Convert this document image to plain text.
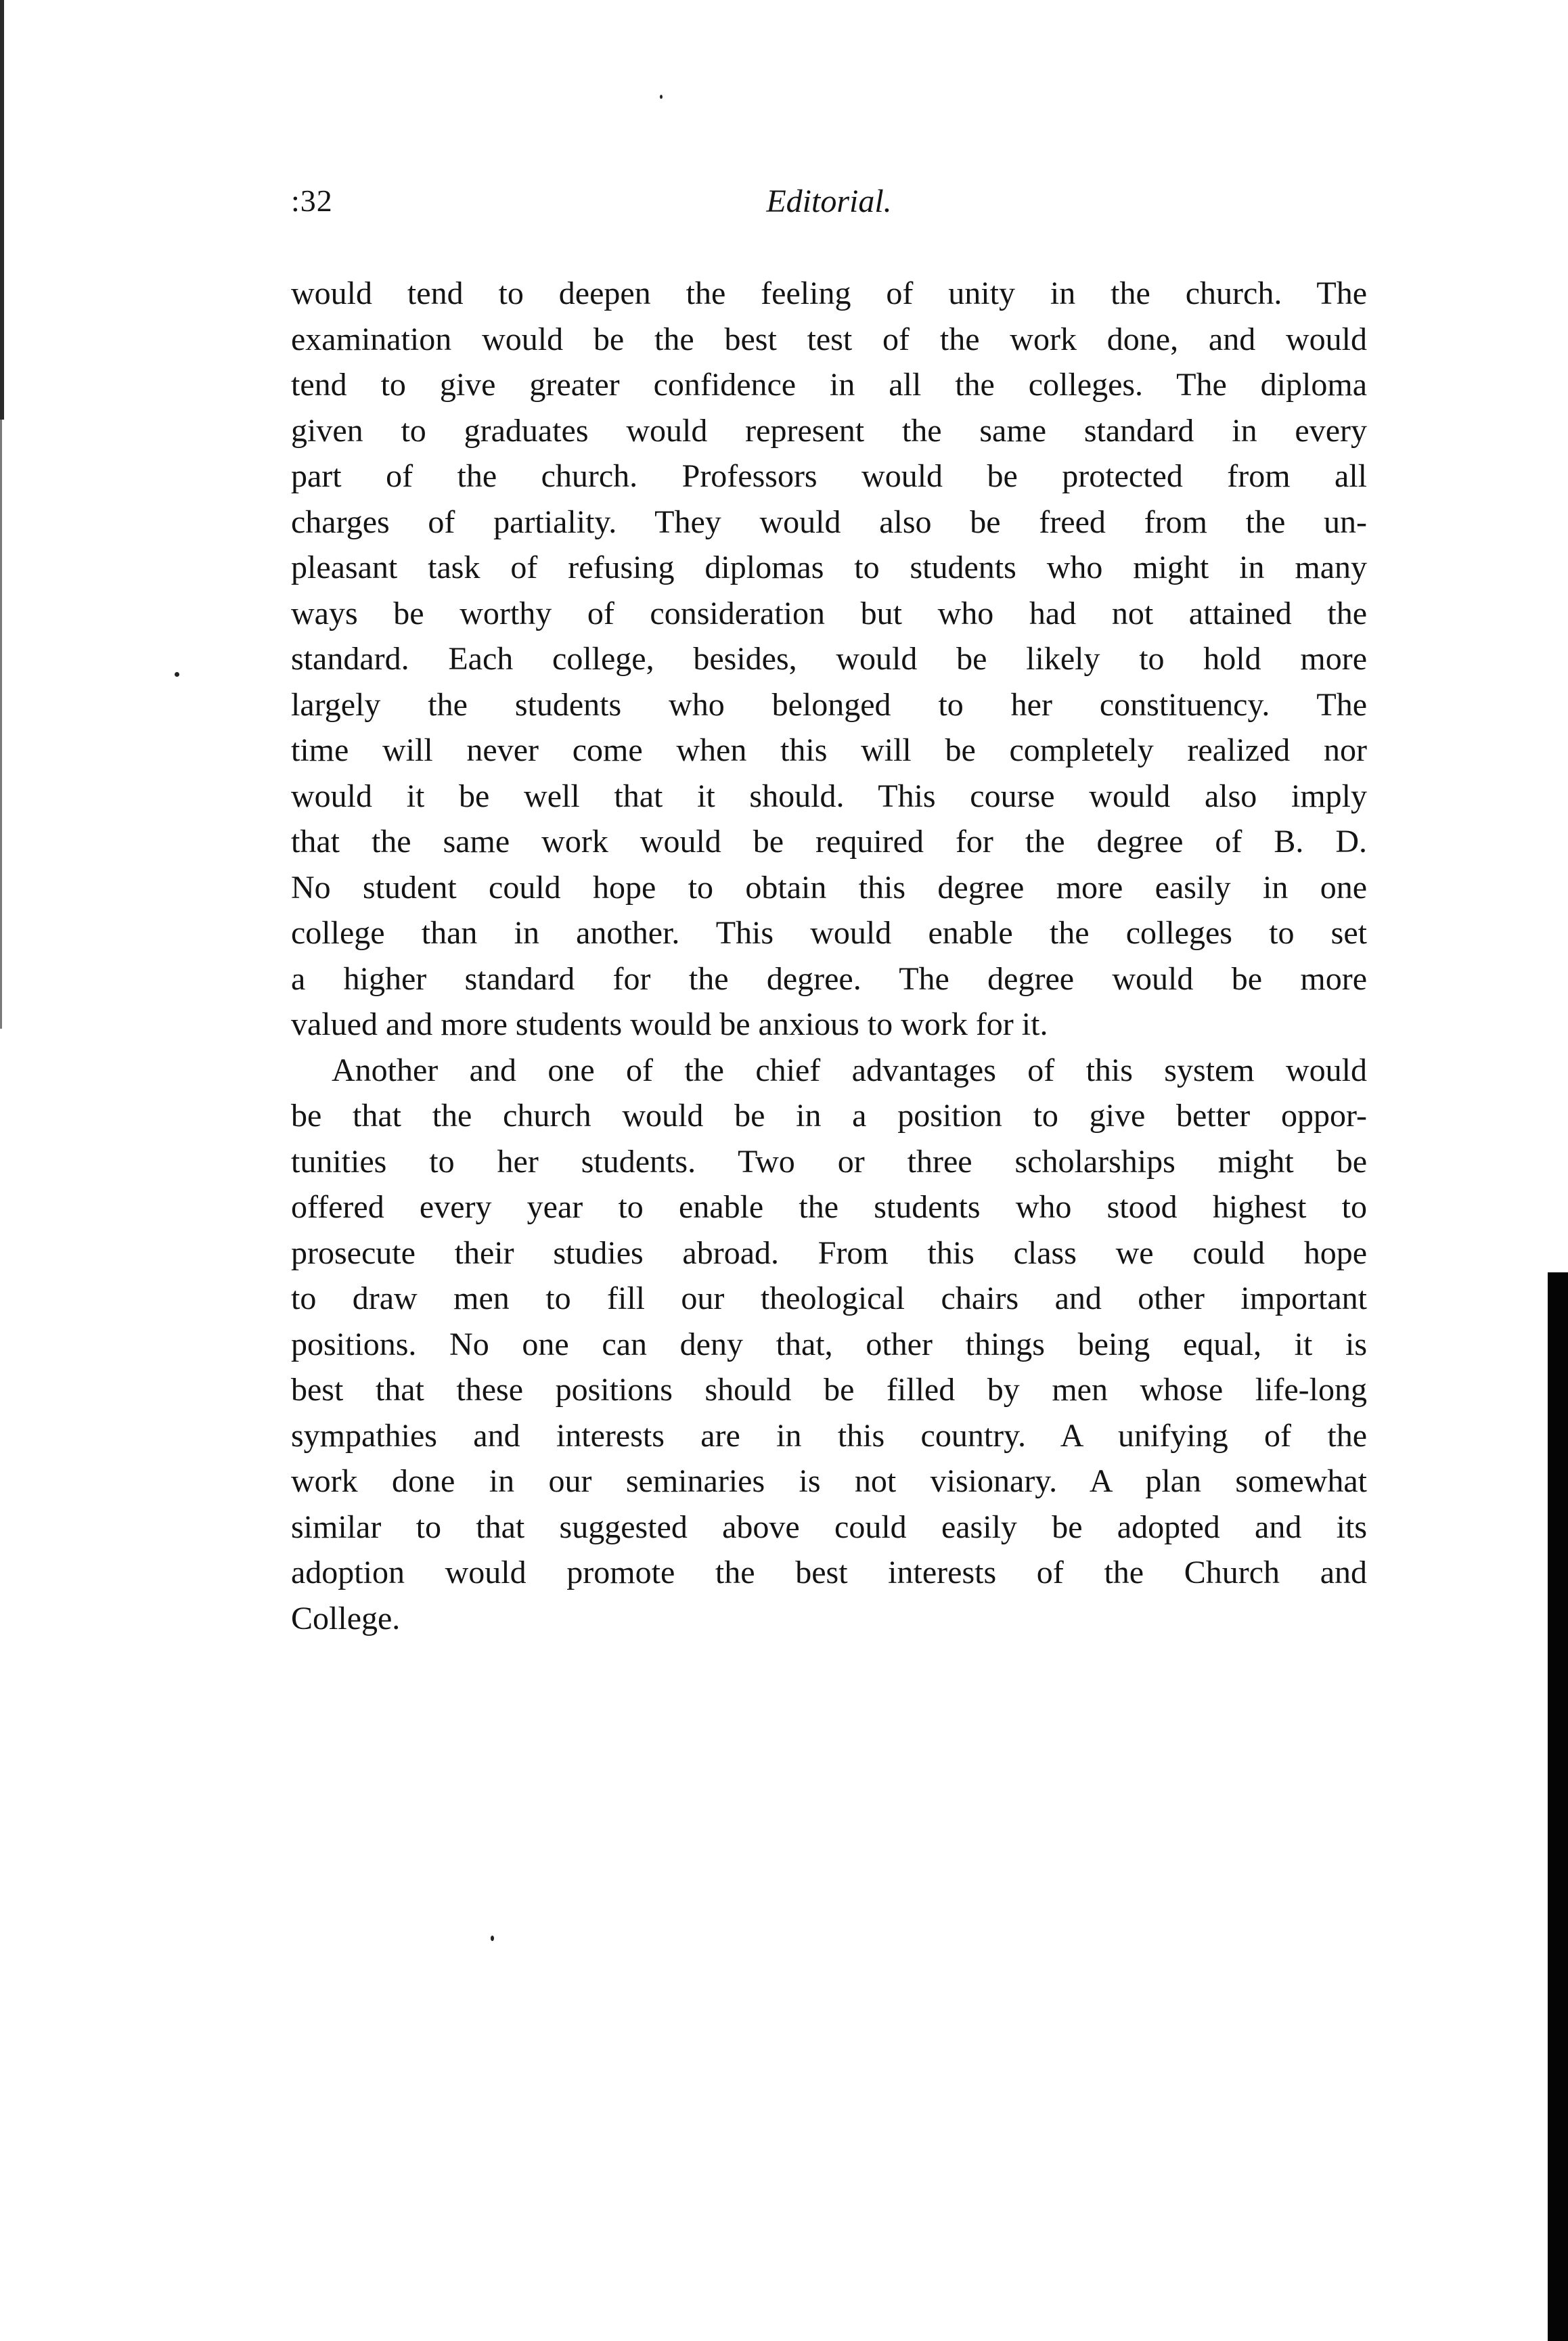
:32	Editorial.

would tend to deepen the feeling of unity in the church. The
examination would be the best test of the work done, and would
tend to give greater confidence in all the colleges. The diploma
given to graduates would represent the same standard in every
part of the church. Professors would be protected from all
charges of partiality. They would also be freed from the un-
pleasant task of refusing diplomas to students who might in many
ways be worthy of consideration but who had not attained the
standard. Each college, besides, would be likely to hold more
largely the students who belonged to her constituency. The
time will never come when this will be completely realized nor
would it be well that it should. This course would also imply
that the same work would be required for the degree of B. D.
No student could hope to obtain this degree more easily in one
college than in another. This would enable the colleges to set
a higher standard for the degree. The degree would be more
valued and more students would be anxious to work for it.

Another and one of the chief advantages of this system would
be that the church would be in a position to give better oppor-
tunities to her students. Two or three scholarships might be
offered every year to enable the students who stood highest to
prosecute their studies abroad. From this class we could hope
to draw men to fill our theological chairs and other important
positions. No one can deny that, other things being equal, it is
best that these positions should be filled by men whose life-long
sympathies and interests are in this country. A unifying of the
work done in our seminaries is not visionary. A plan somewhat
similar to that suggested above could easily be adopted and its
adoption would promote the best interests of the Church and
College.
